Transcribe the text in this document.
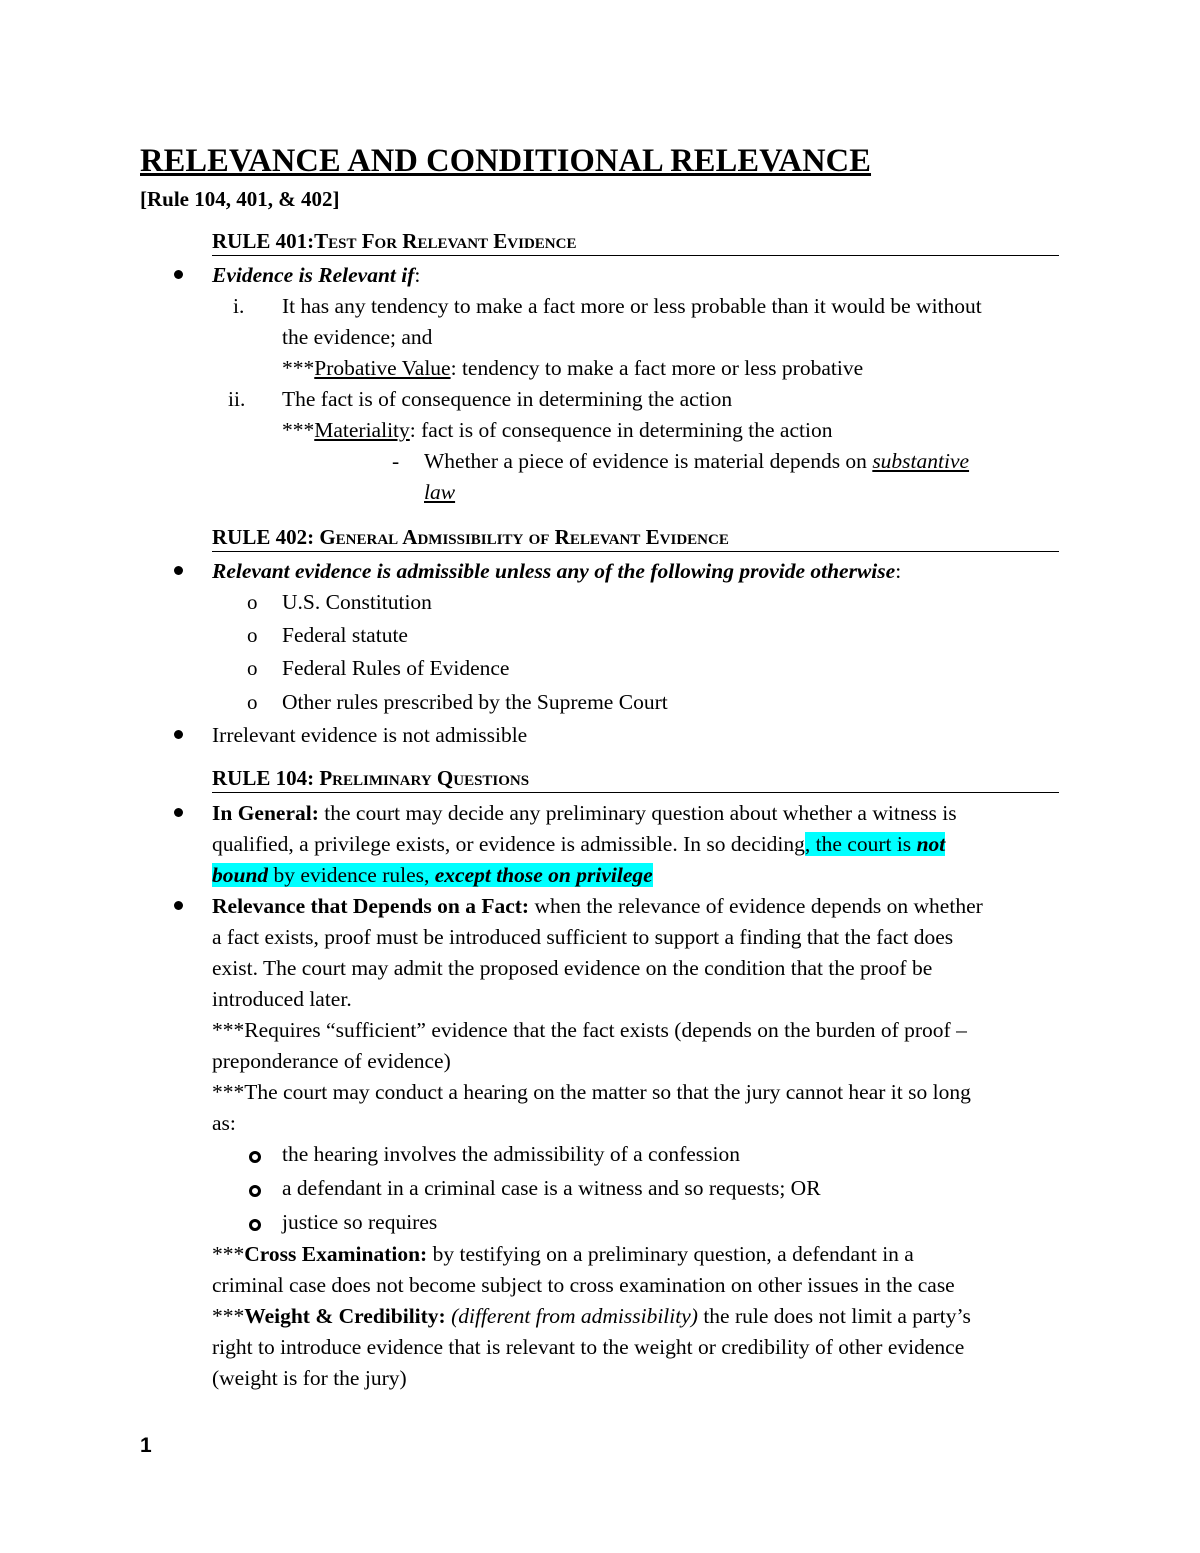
RELEVANCE AND CONDITIONAL RELEVANCE
[Rule 104, 401, & 402]
RULE 401:Test For Relevant Evidence
Evidence is Relevant if:
i. It has any tendency to make a fact more or less probable than it would be without
the evidence; and
***Probative Value: tendency to make a fact more or less probative
ii. The fact is of consequence in determining the action
***Materiality: fact is of consequence in determining the action
- Whether a piece of evidence is material depends on substantive
law
RULE 402: General Admissibility of Relevant Evidence
Relevant evidence is admissible unless any of the following provide otherwise:
o U.S. Constitution
o Federal statute
o Federal Rules of Evidence
o Other rules prescribed by the Supreme Court
Irrelevant evidence is not admissible
RULE 104: Preliminary Questions
In General: the court may decide any preliminary question about whether a witness is
qualified, a privilege exists, or evidence is admissible. In so deciding, the court is not
bound by evidence rules, except those on privilege
Relevance that Depends on a Fact: when the relevance of evidence depends on whether
a fact exists, proof must be introduced sufficient to support a finding that the fact does
exist. The court may admit the proposed evidence on the condition that the proof be
introduced later.
***Requires “sufficient” evidence that the fact exists (depends on the burden of proof –
preponderance of evidence)
***The court may conduct a hearing on the matter so that the jury cannot hear it so long
as:
the hearing involves the admissibility of a confession
a defendant in a criminal case is a witness and so requests; OR
justice so requires
***Cross Examination: by testifying on a preliminary question, a defendant in a
criminal case does not become subject to cross examination on other issues in the case
***Weight & Credibility: (different from admissibility) the rule does not limit a party’s
right to introduce evidence that is relevant to the weight or credibility of other evidence
(weight is for the jury)
1
